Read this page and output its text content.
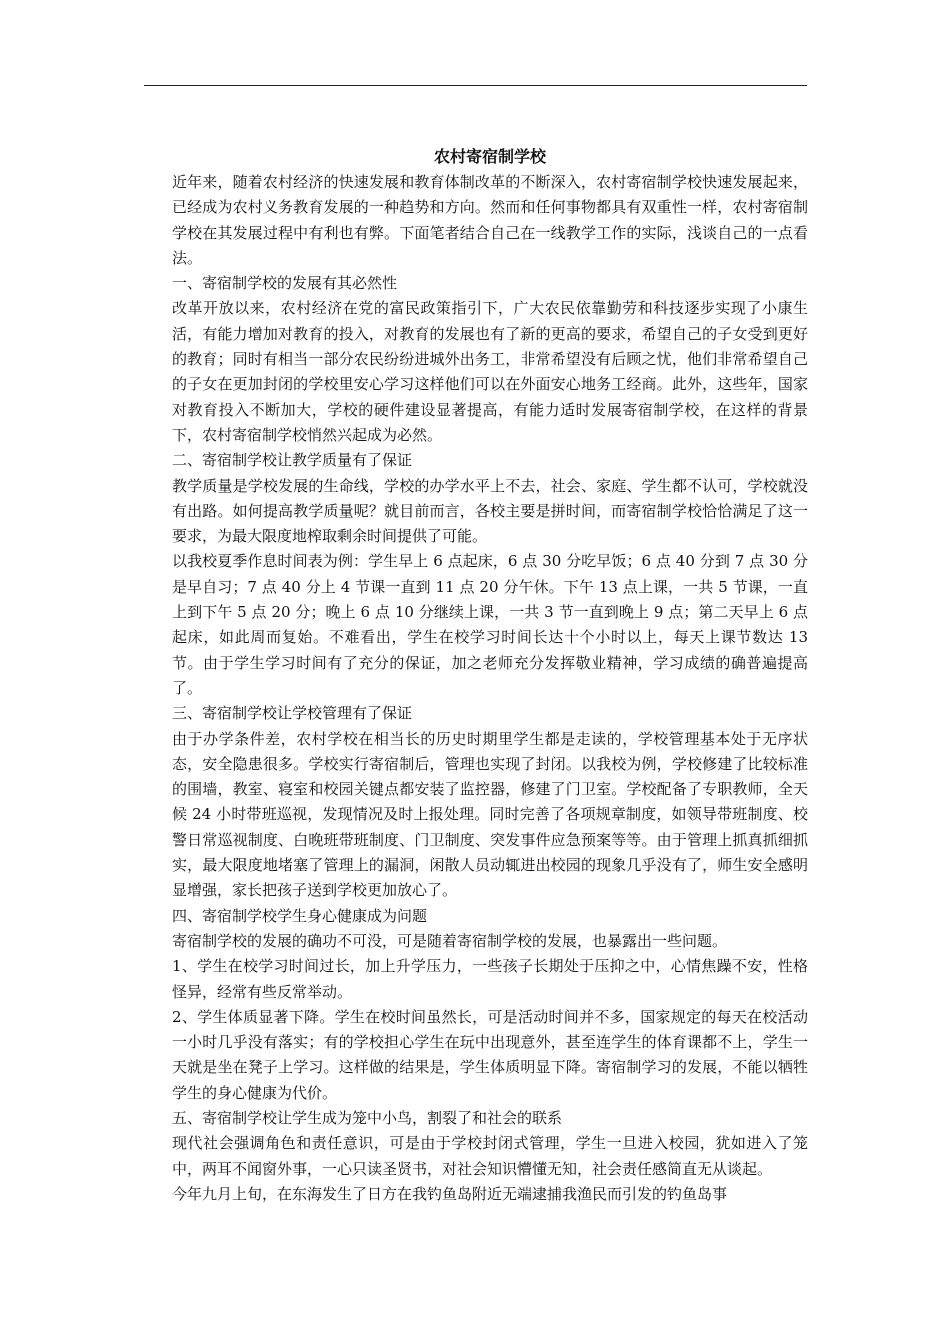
农村寄宿制学校

近年来，随着农村经济的快速发展和教育体制改革的不断深入，农村寄宿制学校快速发展起来，已经成为农村义务教育发展的一种趋势和方向。然而和任何事物都具有双重性一样，农村寄宿制学校在其发展过程中有利也有弊。下面笔者结合自己在一线教学工作的实际，浅谈自己的一点看法。

一、寄宿制学校的发展有其必然性

改革开放以来，农村经济在党的富民政策指引下，广大农民依靠勤劳和科技逐步实现了小康生活，有能力增加对教育的投入，对教育的发展也有了新的更高的要求，希望自己的子女受到更好的教育；同时有相当一部分农民纷纷进城外出务工，非常希望没有后顾之忧，他们非常希望自己的子女在更加封闭的学校里安心学习这样他们可以在外面安心地务工经商。此外，这些年，国家对教育投入不断加大，学校的硬件建设显著提高，有能力适时发展寄宿制学校，在这样的背景下，农村寄宿制学校悄然兴起成为必然。

二、寄宿制学校让教学质量有了保证

教学质量是学校发展的生命线，学校的办学水平上不去，社会、家庭、学生都不认可，学校就没有出路。如何提高教学质量呢？就目前而言，各校主要是拼时间，而寄宿制学校恰恰满足了这一要求，为最大限度地榨取剩余时间提供了可能。

以我校夏季作息时间表为例：学生早上 6 点起床，6 点 30 分吃早饭；6 点 40 分到 7 点 30 分是早自习；7 点 40 分上 4 节课一直到 11 点 20 分午休。下午 13 点上课，一共 5 节课，一直上到下午 5 点 20 分；晚上 6 点 10 分继续上课，一共 3 节一直到晚上 9 点；第二天早上 6 点起床，如此周而复始。不难看出，学生在校学习时间长达十个小时以上，每天上课节数达 13 节。由于学生学习时间有了充分的保证，加之老师充分发挥敬业精神，学习成绩的确普遍提高了。

三、寄宿制学校让学校管理有了保证

由于办学条件差，农村学校在相当长的历史时期里学生都是走读的，学校管理基本处于无序状态，安全隐患很多。学校实行寄宿制后，管理也实现了封闭。以我校为例，学校修建了比较标准的围墙，教室、寝室和校园关键点都安装了监控器，修建了门卫室。学校配备了专职教师，全天候 24 小时带班巡视，发现情况及时上报处理。同时完善了各项规章制度，如领导带班制度、校警日常巡视制度、白晚班带班制度、门卫制度、突发事件应急预案等等。由于管理上抓真抓细抓实，最大限度地堵塞了管理上的漏洞，闲散人员动辄进出校园的现象几乎没有了，师生安全感明显增强，家长把孩子送到学校更加放心了。

四、寄宿制学校学生身心健康成为问题

寄宿制学校的发展的确功不可没，可是随着寄宿制学校的发展，也暴露出一些问题。

1、学生在校学习时间过长，加上升学压力，一些孩子长期处于压抑之中，心情焦躁不安，性格怪异，经常有些反常举动。

2、学生体质显著下降。学生在校时间虽然长，可是活动时间并不多，国家规定的每天在校活动一小时几乎没有落实；有的学校担心学生在玩中出现意外，甚至连学生的体育课都不上，学生一天就是坐在凳子上学习。这样做的结果是，学生体质明显下降。寄宿制学习的发展，不能以牺牲学生的身心健康为代价。

五、寄宿制学校让学生成为笼中小鸟，割裂了和社会的联系

现代社会强调角色和责任意识，可是由于学校封闭式管理，学生一旦进入校园，犹如进入了笼中，两耳不闻窗外事，一心只读圣贤书，对社会知识懵懂无知，社会责任感简直无从谈起。

今年九月上旬，在东海发生了日方在我钓鱼岛附近无端逮捕我渔民而引发的钓鱼岛事
